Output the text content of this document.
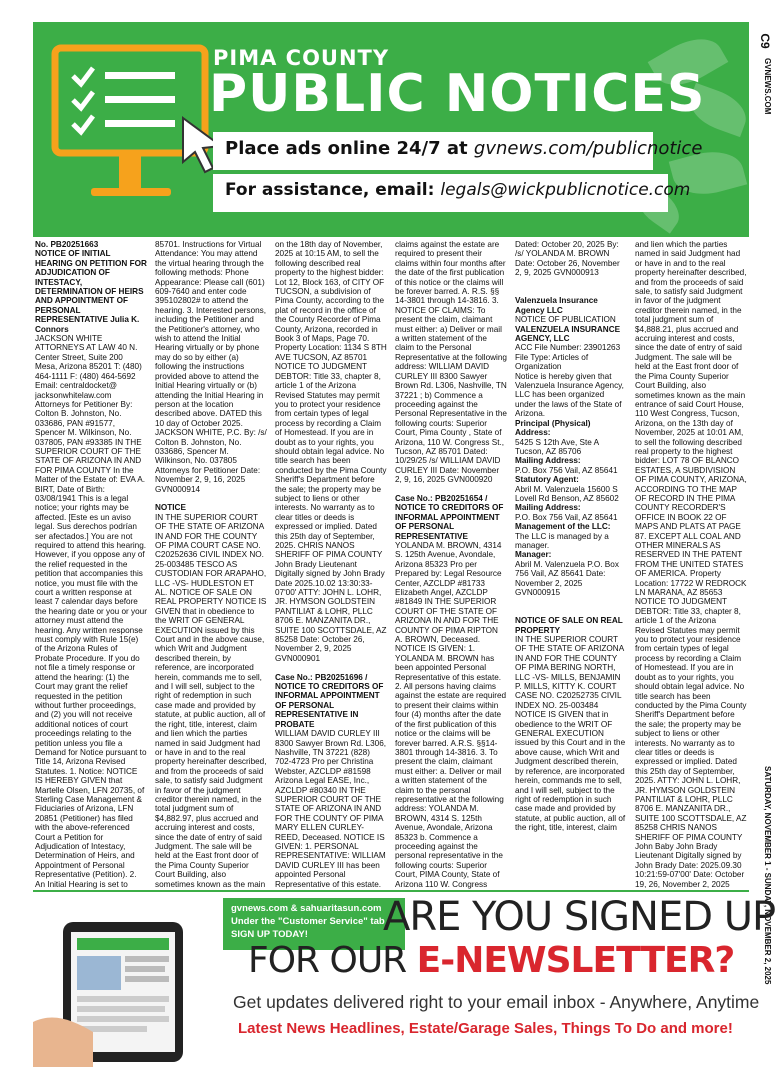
PIMA COUNTY
PUBLIC NOTICES
Place ads online 24/7 at gvnews.com/publicnotice
For assistance, email: legals@wickpublicnotice.com
C9
GVNEWS.COM
SATURDAY, NOVEMBER 1 - SUNDAY, NOVEMBER 2, 2025

No. PB20251663

NOTICE OF INITIAL HEARING ON PETITION FOR ADJUDICATION OF INTESTACY, DETERMINATION OF HEIRS AND APPOINTMENT OF PERSONAL REPRESENTATIVE Julia K. Connors

JACKSON WHITE ATTORNEYS AT LAW 40 N. Center Street, Suite 200 Mesa, Arizona 85201 T: (480) 464-1111 F: (480) 464-5692 Email: centraldocket@ jacksonwhitelaw.com Attorneys for Petitioner By: Colton B. Johnston, No. 033686, PAN #91577, Spencer M. Wilkinson, No. 037805, PAN #93385 IN THE SUPERIOR COURT OF THE STATE OF ARIZONA IN AND FOR PIMA COUNTY In the Matter of the Estate of: EVA A. BIRT, Date of Birth: 03/08/1941 This is a legal notice; your rights may be affected. [Este es un aviso legal. Sus derechos podrían ser afectados.] You are not required to attend this hearing. However, if you oppose any of the relief requested in the petition that accompanies this notice, you must file with the court a written response at least 7 calendar days before the hearing date or you or your attorney must attend the hearing. Any written response must comply with Rule 15(e) of the Arizona Rules of Probate Procedure. If you do not file a timely response or attend the hearing: (1) the Court may grant the relief requested in the petition without further proceedings, and (2) you will not receive additional notices of court proceedings relating to the petition unless you file a Demand for Notice pursuant to Title 14, Arizona Revised Statutes. 1. Notice: NOTICE IS HEREBY GIVEN that Martelle Olsen, LFN 20735, of Sterling Case Management & Fiduciaries of Arizona, LFN 20851 (Petitioner) has filed with the above-referenced Court a Petition for Adjudication of Intestacy, Determination of Heirs, and Appointment of Personal Representative (Petition). 2. An Initial Hearing is set to

85701. Instructions for Virtual Attendance: You may attend the virtual hearing through the following methods: Phone Appearance: Please call (601) 609-7640 and enter code 395102802# to attend the hearing. 3. Interested persons, including the Petitioner and the Petitioner's attorney, who wish to attend the Initial Hearing virtually or by phone may do so by either (a) following the instructions provided above to attend the Initial Hearing virtually or (b) attending the Initial Hearing in person at the location described above. DATED this 10 day of October 2025. JACKSON WHITE, P.C. By: /s/ Colton B. Johnston, No. 033686, Spencer M. Wilkinson, No. 037805 Attorneys for Petitioner Date: November 2, 9, 16, 2025 GVN000914

NOTICE

IN THE SUPERIOR COURT OF THE STATE OF ARIZONA IN AND FOR THE COUNTY OF PIMA COURT CASE NO. C20252636 CIVIL INDEX NO. 25-003485 TESCO AS CUSTODIAN FOR ARAPAHO, LLC -VS- HUDLESTON ET AL. NOTICE OF SALE ON REAL PROPERTY NOTICE IS GIVEN that in obedience to the WRIT OF GENERAL EXECUTION issued by this Court and in the above cause, which Writ and Judgment described therein, by reference, are incorporated herein, commands me to sell, and I will sell, subject to the right of redemption in such case made and provided by statute, at public auction, all of the right, title, interest, claim and lien which the parties named in said Judgment had or have in and to the real property hereinafter described, and from the proceeds of said sale, to satisfy said Judgment in favor of the judgment creditor therein named, in the total judgment sum of $4,882.97, plus accrued and accruing interest and costs, since the date of entry of said Judgment. The sale will be held at the East front door of the Pima County Superior Court Building, also sometimes known as the main

on the 18th day of November, 2025 at 10:15 AM, to sell the following described real property to the highest bidder: Lot 12, Block 163, of CITY OF TUCSON, a subdivision of Pima County, according to the plat of record in the office of the County Recorder of Pima County, Arizona, recorded in Book 3 of Maps, Page 70. Property Location: 1134 S 8TH AVE TUCSON, AZ 85701 NOTICE TO JUDGMENT DEBTOR: Title 33, chapter 8, article 1 of the Arizona Revised Statutes may permit you to protect your residence from certain types of legal process by recording a Claim of Homestead. If you are in doubt as to your rights, you should obtain legal advice. No title search has been conducted by the Pima County Sheriff's Department before the sale; the property may be subject to liens or other interests. No warranty as to clear titles or deeds is expressed or implied. Dated this 25th day of September, 2025. CHRIS NANOS SHERIFF OF PIMA COUNTY John Brady Lieutenant Digitally signed by John Brady Date 2025.10.02 13:30:33-07'00' ATTY: JOHN L. LOHR, JR. HYMSON GOLDSTEIN PANTILIAT & LOHR, PLLC 8706 E. MANZANITA DR., SUITE 100 SCOTTSDALE, AZ 85258 Date: October 26, November 2, 9, 2025 GVN000901

Case No.: PB20251696 / NOTICE TO CREDITORS OF INFORMAL APPOINTMENT OF PERSONAL REPRESENTATIVE IN PROBATE

WILLIAM DAVID CURLEY III 8300 Sawyer Brown Rd. L306, Nashville, TN 37221 (828) 702-4723 Pro per Christina Webster, AZCLDP #81598 Arizona Legal EASE, Inc., AZCLDP #80340 IN THE SUPERIOR COURT OF THE STATE OF ARIZONA IN AND FOR THE COUNTY OF PIMA MARY ELLEN CURLEY-REED, Deceased. NOTICE IS GIVEN: 1. PERSONAL REPRESENTATIVE: WILLIAM DAVID CURLEY III has been appointed Personal Representative of this estate.

claims against the estate are required to present their claims within four months after the date of the first publication of this notice or the claims will be forever barred. A. R.S. §§ 14-3801 through 14-3816. 3. NOTICE OF CLAIMS: To present the claim, claimant must either: a) Deliver or mail a written statement of the claim to the Personal Representative at the following address: WILLIAM DAVID CURLEY III 8300 Sawyer Brown Rd. L306, Nashville, TN 37221 ; b) Commence a proceeding against the Personal Representative in the following courts: Superior Court, Pima County , State of Arizona, 110 W. Congress St., Tucson, AZ 85701 Dated: 10/29/25 /s/ WILLIAM DAVID CURLEY III Date: November 2, 9, 16, 2025 GVN000920

Case No.: PB20251654 / NOTICE TO CREDITORS OF INFORMAL APPOINTMENT OF PERSONAL REPRESENTATIVE

YOLANDA M. BROWN, 4314 S. 125th Avenue, Avondale, Arizona 85323 Pro per Prepared by: Legal Resource Center, AZCLDP #81733 Elizabeth Angel, AZCLDP #81849 IN THE SUPERIOR COURT OF THE STATE OF ARIZONA IN AND FOR THE COUNTY OF PIMA RIPTON A. BROWN, Deceased. NOTICE IS GIVEN: 1. YOLANDA M. BROWN has been appointed Personal Representative of this estate. 2. All persons having claims against the estate are required to present their claims within four (4) months after the date of the first publication of this notice or the claims will be forever barred. A.R.S. §§14-3801 through 14-3816. 3. To present the claim, claimant must either: a. Deliver or mail a written statement of the claim to the personal representative at the following address: YOLANDA M. BROWN, 4314 S. 125th Avenue, Avondale, Arizona 85323 b. Commence a proceeding against the personal representative in the following courts: Superior Court, PIMA County, State of Arizona 110 W. Congress

Dated: October 20, 2025 By: /s/ YOLANDA M. BROWN Date: October 26, November 2, 9, 2025 GVN000913

Valenzuela Insurance Agency LLC

NOTICE OF PUBLICATION

VALENZUELA INSURANCE AGENCY, LLC

ACC File Number: 23901263 File Type: Articles of Organization

Notice is hereby given that Valenzuela Insurance Agency, LLC has been organized under the laws of the State of Arizona.

Principal (Physical) Address:

5425 S 12th Ave, Ste A Tucson, AZ 85706

Mailing Address:

P.O. Box 756 Vail, AZ 85641

Statutory Agent:

Abril M. Valenzuela 15600 S Lovell Rd Benson, AZ 85602

Mailing Address:

P.O. Box 756 Vail, AZ 85641

Management of the LLC:

The LLC is managed by a manager.

Manager:

Abril M. Valenzuela P.O. Box 756 Vail, AZ 85641 Date: November 2, 2025 GVN000915

NOTICE OF SALE ON REAL PROPERTY

IN THE SUPERIOR COURT OF THE STATE OF ARIZONA IN AND FOR THE COUNTY OF PIMA BERING NORTH, LLC -VS- MILLS, BENJAMIN P. MILLS, KITTY K. COURT CASE NO. C20252735 CIVIL INDEX NO. 25-003484 NOTICE IS GIVEN that in obedience to the WRIT OF GENERAL EXECUTION issued by this Court and in the above cause, which Writ and Judgment described therein, by reference, are incorporated herein, commands me to sell, and I will sell, subject to the right of redemption in such case made and provided by statute, at public auction, all of the right, title, interest, claim

and lien which the parties named in said Judgment had or have in and to the real property hereinafter described, and from the proceeds of said sale, to satisfy said Judgment in favor of the judgment creditor therein named, in the total judgment sum of $4,888.21, plus accrued and accruing interest and costs, since the date of entry of said Judgment. The sale will be held at the East front door of the Pima County Superior Court Building, also sometimes known as the main entrance of said Court House, 110 West Congress, Tucson, Arizona, on the 13th day of November, 2025 at 10:01 AM, to sell the following described real property to the highest bidder: LOT 78 OF BLANCO ESTATES, A SUBDIVISION OF PIMA COUNTY, ARIZONA, ACCORDING TO THE MAP OF RECORD IN THE PIMA COUNTY RECORDER'S OFFICE IN BOOK 22 OF MAPS AND PLATS AT PAGE 87. EXCEPT ALL COAL AND OTHER MINERALS AS RESERVED IN THE PATENT FROM THE UNITED STATES OF AMERICA. Property Location: 17722 W REDROCK LN MARANA, AZ 85653 NOTICE TO JUDGMENT DEBTOR: Title 33, chapter 8, article 1 of the Arizona Revised Statutes may permit you to protect your residence from certain types of legal process by recording a Claim of Homestead. If you are in doubt as to your rights, you should obtain legal advice. No title search has been conducted by the Pima County Sheriff's Department before the sale; the property may be subject to liens or other interests. No warranty as to clear titles or deeds is expressed or implied. Dated this 25th day of September, 2025. ATTY: JOHN L. LOHR, JR. HYMSON GOLDSTEIN PANTILIAT & LOHR, PLLC 8706 E. MANZANITA DR., SUITE 100 SCOTTSDALE, AZ 85258 CHRIS NANOS SHERIFF OF PIMA COUNTY John Baby John Brady Lieutenant Digitally signed by John Brady Date: 2025.09.30 10:21:59-07'00' Date: October 19, 26, November 2, 2025

gvnews.com & sahuaritasun.com
Under the "Customer Service" tab
SIGN UP TODAY!	ARE YOU SIGNED UP
FOR OUR E-NEWSLETTER?
Get updates delivered right to your email inbox - Anywhere, Anytime
Latest News Headlines, Estate/Garage Sales, Things To Do and more!
